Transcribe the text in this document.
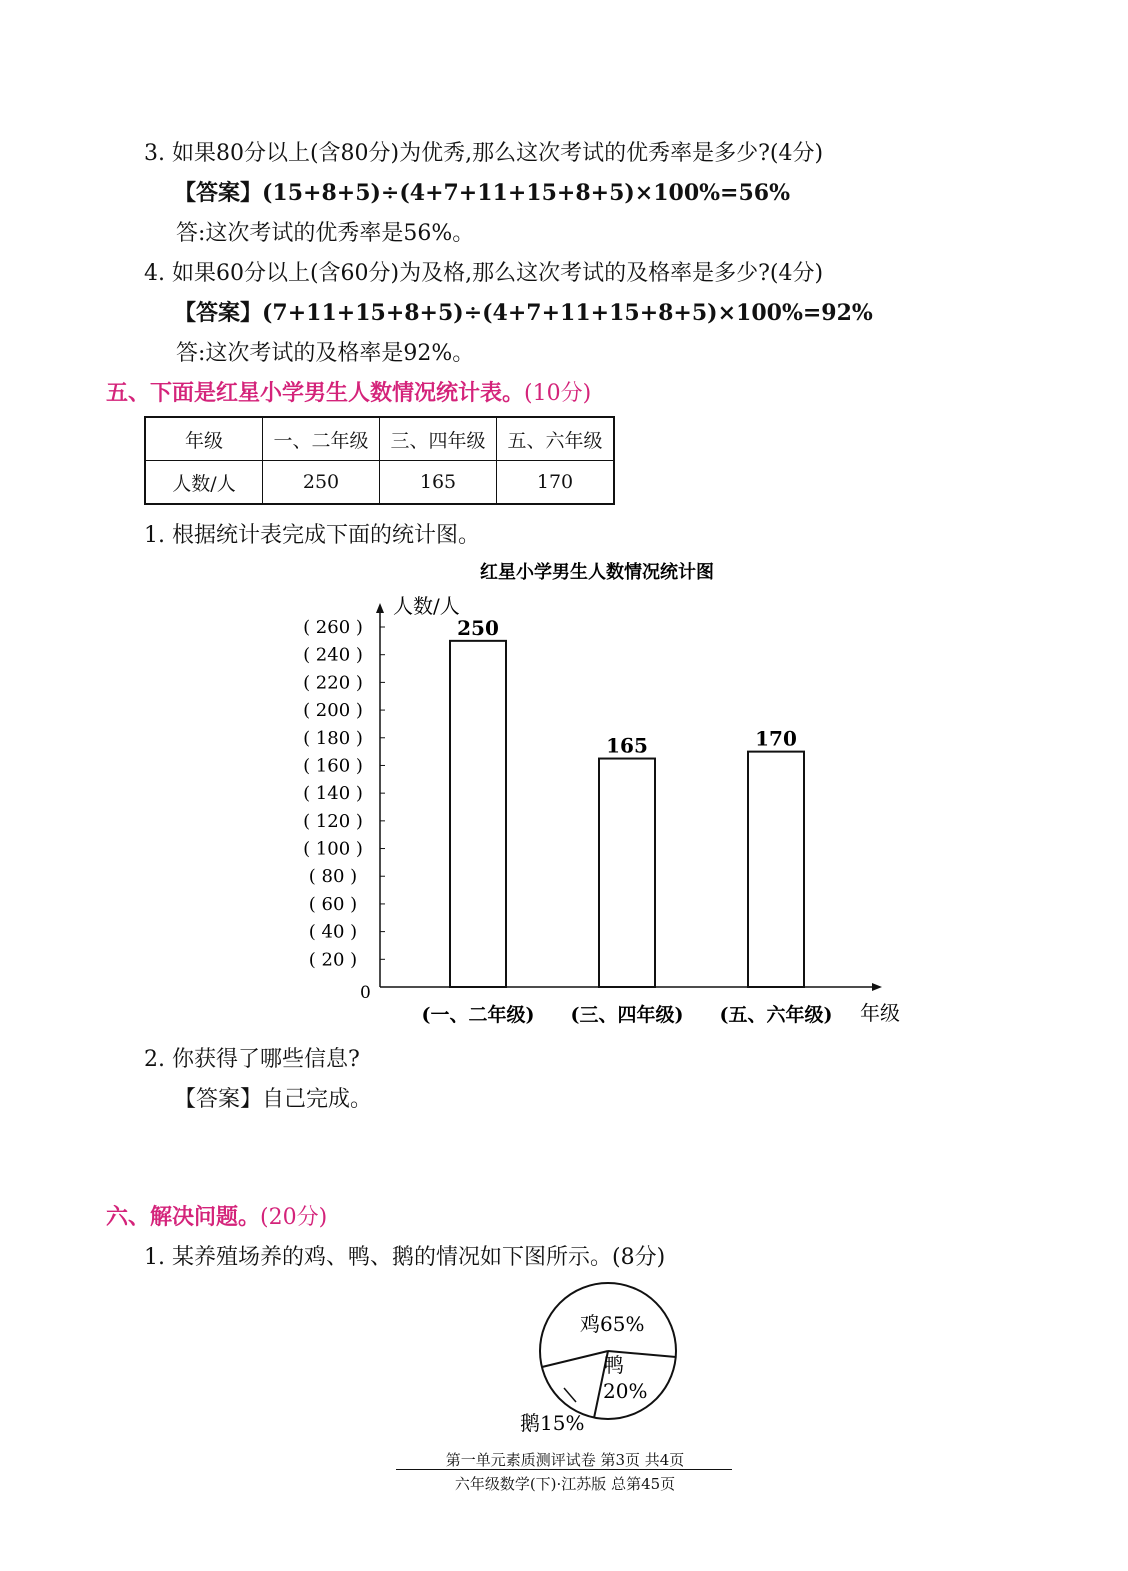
3. 如果80分以上(含80分)为优秀,那么这次考试的优秀率是多少?(4分)
【答案】(15+8+5)÷(4+7+11+15+8+5)×100%=56%
答:这次考试的优秀率是56%。
4. 如果60分以上(含60分)为及格,那么这次考试的及格率是多少?(4分)
【答案】(7+11+15+8+5)÷(4+7+11+15+8+5)×100%=92%
答:这次考试的及格率是92%。
五、下面是红星小学男生人数情况统计表。(10分)
年级	一、二年级	三、四年级	五、六年级
人数/人	250	165	170
1. 根据统计表完成下面的统计图。
红星小学男生人数情况统计图
人数/人
年级
0
( 20 )
( 40 )
( 60 )
( 80 )
( 100 )
( 120 )
( 140 )
( 160 )
( 180 )
( 200 )
( 220 )
( 240 )
( 260 )	250
165	170
(一、二年级) (三、四年级) (五、六年级)
2. 你获得了哪些信息?
【答案】自己完成。
六、解决问题。(20分)
1. 某养殖场养的鸡、鸭、鹅的情况如下图所示。(8分)
鸡65%
鸭
20%
鹅15%
第一单元素质测评试卷 第3页 共4页
六年级数学(下)·江苏版 总第45页
